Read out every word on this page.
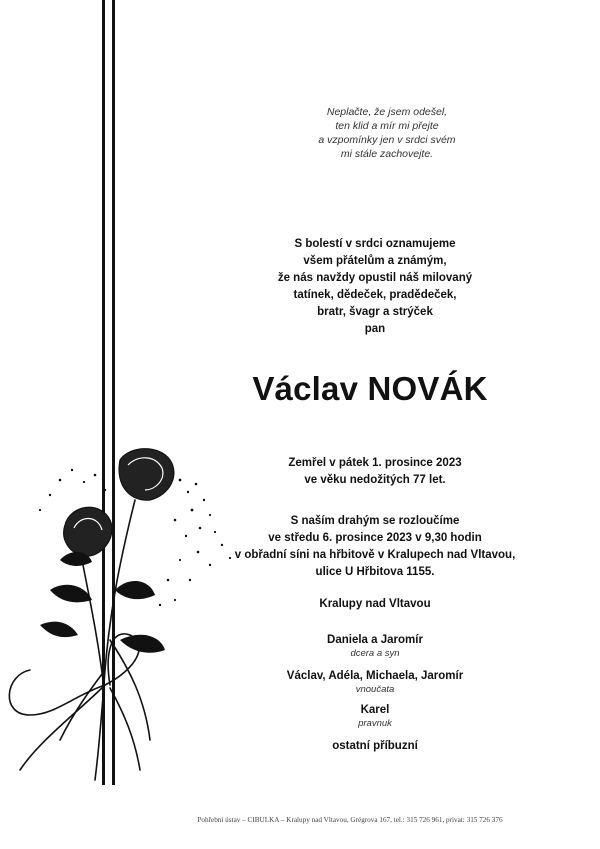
Neplačte, že jsem odešel,
ten klid a mír mi přejte
a vzpomínky jen v srdci svém
mi stále zachovejte.
S bolestí v srdci oznamujeme
všem přátelům a známým,
že nás navždy opustil náš milovaný
tatínek, dědeček, pradědeček,
bratr, švagr a strýček
pan
Václav NOVÁK
Zemřel v pátek 1. prosince 2023
ve věku nedožitých 77 let.
S naším drahým se rozloučíme
ve středu 6. prosince 2023 v 9,30 hodin
v obřadní síni na hřbitově v Kralupech nad Vltavou,
ulice U Hřbitova 1155.
Kralupy nad Vltavou
Daniela a Jaromír
dcera a syn
Václav, Adéla, Michaela, Jaromír
vnoučata
Karel
pravnuk
ostatní příbuzní
Pohřební ústav – CIBULKA – Kralupy nad Vltavou, Grégrova 167, tel.: 315 726 961, privat: 315 726 376
